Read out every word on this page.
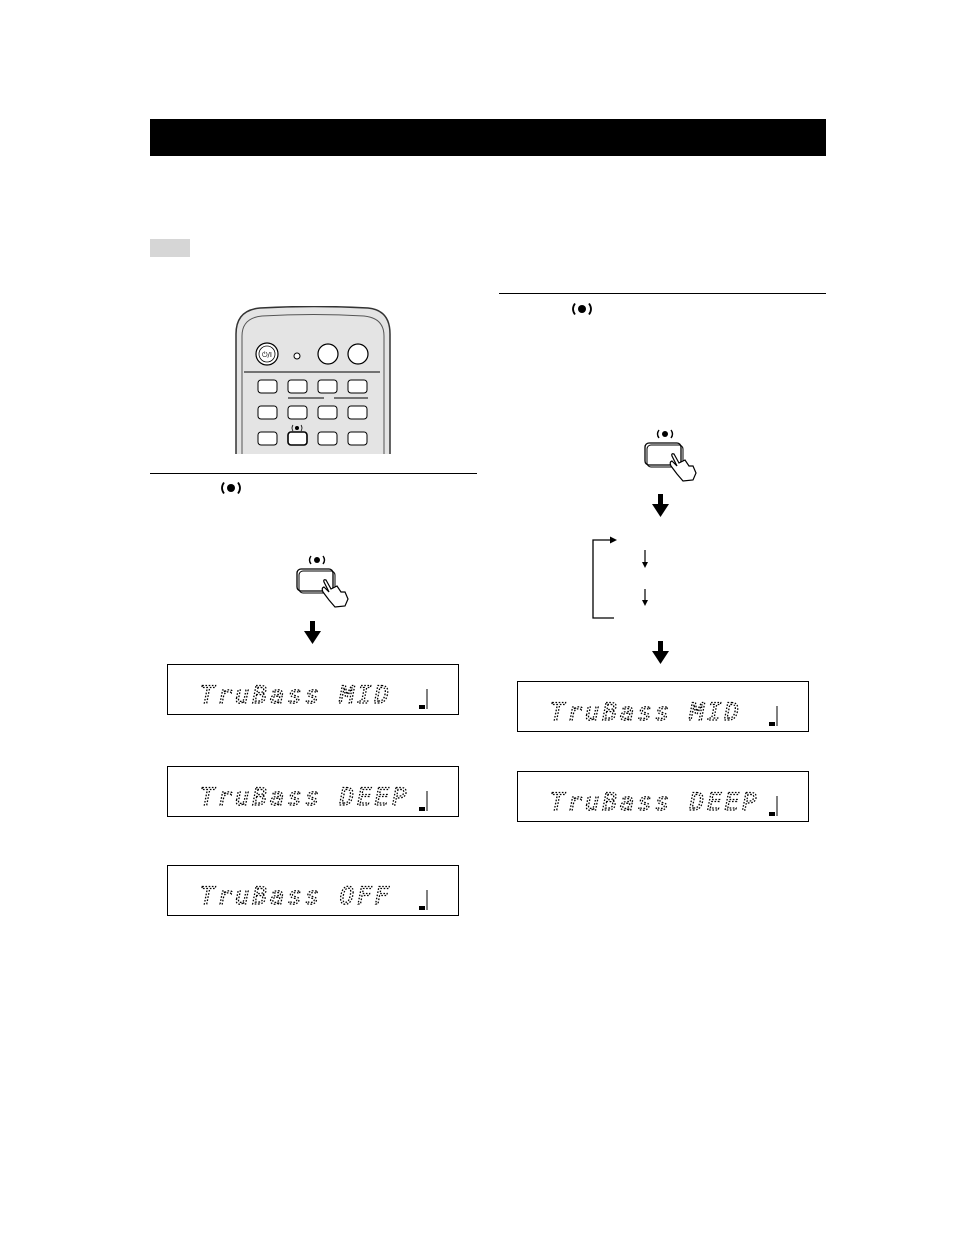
⏻/I
TruBass MID
TruBass DEEP
TruBass OFF
TruBass MID
TruBass DEEP
